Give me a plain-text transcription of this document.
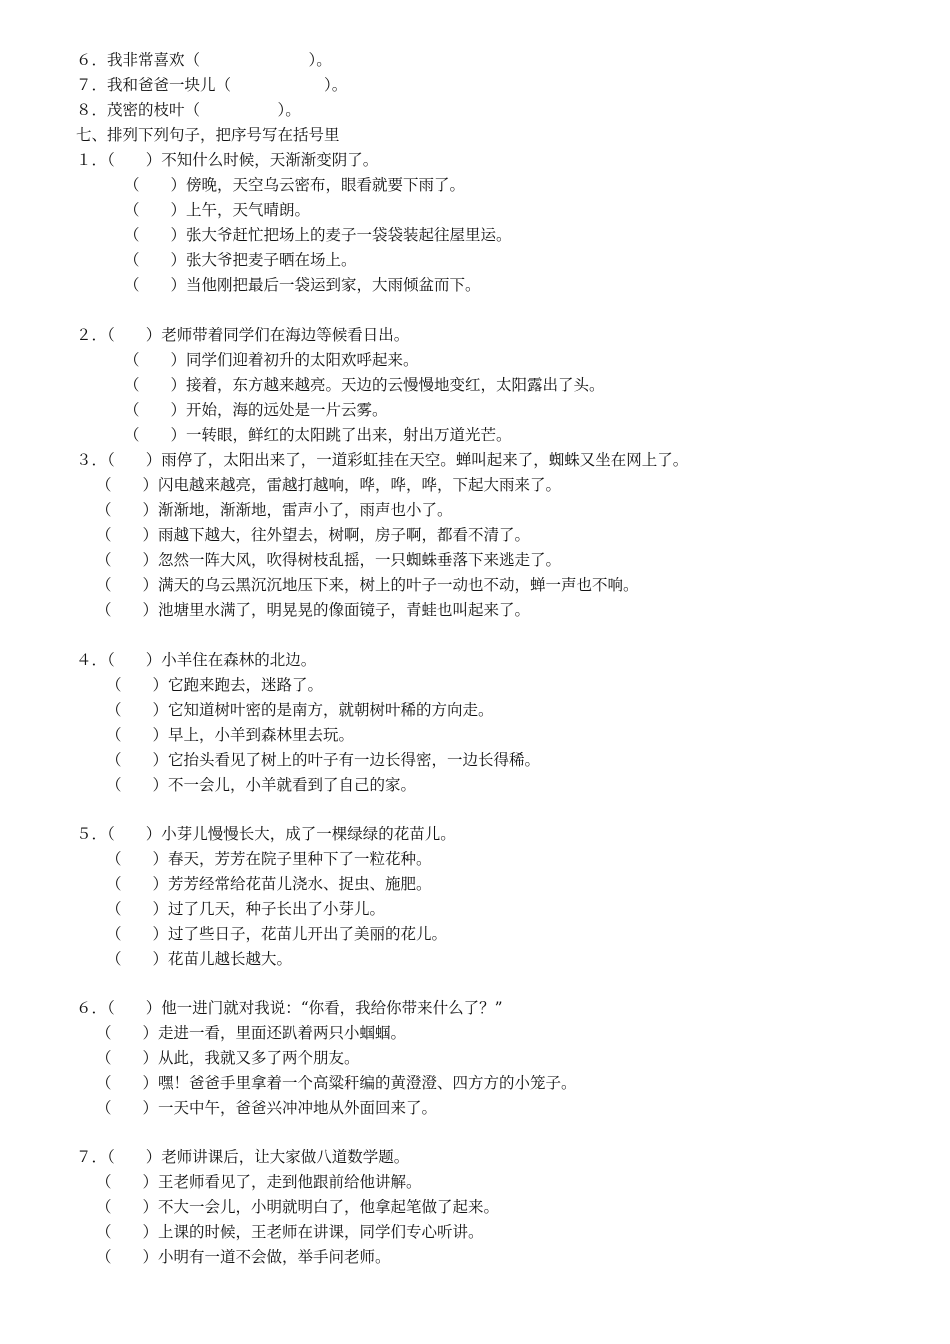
６．我非常喜欢（　　　　　　　）。
７．我和爸爸一块儿（　　　　　　）。
８．茂密的枝叶（　　　　　）。
七、排列下列句子，把序号写在括号里
１．（　　）不知什么时候，天渐渐变阴了。
（　　）傍晚，天空乌云密布，眼看就要下雨了。
（　　）上午，天气晴朗。
（　　）张大爷赶忙把场上的麦子一袋袋装起往屋里运。
（　　）张大爷把麦子晒在场上。
（　　）当他刚把最后一袋运到家，大雨倾盆而下。
２．（　　）老师带着同学们在海边等候看日出。
（　　）同学们迎着初升的太阳欢呼起来。
（　　）接着，东方越来越亮。天边的云慢慢地变红，太阳露出了头。
（　　）开始，海的远处是一片云雾。
（　　）一转眼，鲜红的太阳跳了出来，射出万道光芒。
３．（　　）雨停了，太阳出来了，一道彩虹挂在天空。蝉叫起来了，蜘蛛又坐在网上了。
（　　）闪电越来越亮，雷越打越响，哗，哗，哗，下起大雨来了。
（　　）渐渐地，渐渐地，雷声小了，雨声也小了。
（　　）雨越下越大，往外望去，树啊，房子啊，都看不清了。
（　　）忽然一阵大风，吹得树枝乱摇，一只蜘蛛垂落下来逃走了。
（　　）满天的乌云黑沉沉地压下来，树上的叶子一动也不动，蝉一声也不响。
（　　）池塘里水满了，明晃晃的像面镜子，青蛙也叫起来了。
４．（　　）小羊住在森林的北边。
（　　）它跑来跑去，迷路了。
（　　）它知道树叶密的是南方，就朝树叶稀的方向走。
（　　）早上，小羊到森林里去玩。
（　　）它抬头看见了树上的叶子有一边长得密，一边长得稀。
（　　）不一会儿，小羊就看到了自己的家。
５．（　　）小芽儿慢慢长大，成了一棵绿绿的花苗儿。
（　　）春天，芳芳在院子里种下了一粒花种。
（　　）芳芳经常给花苗儿浇水、捉虫、施肥。
（　　）过了几天，种子长出了小芽儿。
（　　）过了些日子，花苗儿开出了美丽的花儿。
（　　）花苗儿越长越大。
６．（　　）他一进门就对我说：“你看，我给你带来什么了？”
（　　）走进一看，里面还趴着两只小蝈蝈。
（　　）从此，我就又多了两个朋友。
（　　）嘿！爸爸手里拿着一个高粱秆编的黄澄澄、四方方的小笼子。
（　　）一天中午，爸爸兴冲冲地从外面回来了。
７．（　　）老师讲课后，让大家做八道数学题。
（　　）王老师看见了，走到他跟前给他讲解。
（　　）不大一会儿，小明就明白了，他拿起笔做了起来。
（　　）上课的时候，王老师在讲课，同学们专心听讲。
（　　）小明有一道不会做，举手问老师。
